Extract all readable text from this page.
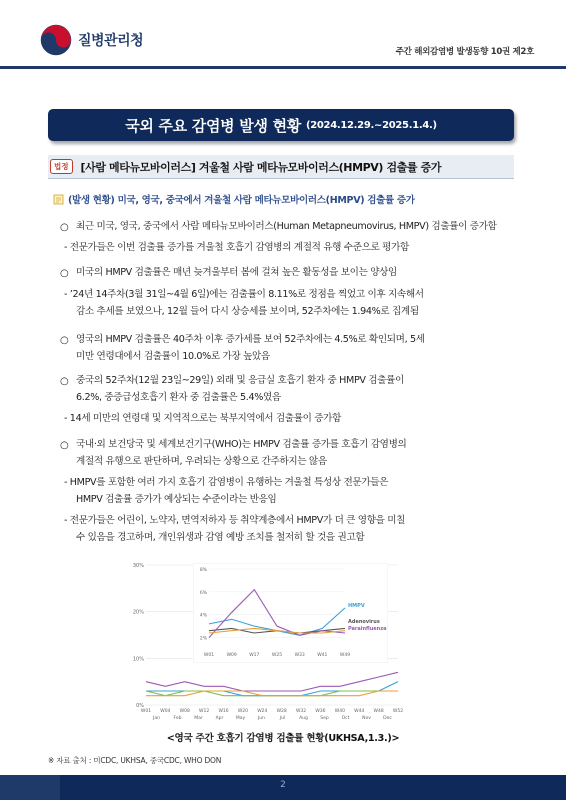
질병관리청
주간 해외감염병 발생동향 10권 제2호
국외 주요 감염병 발생 현황 (2024.12.29.~2025.1.4.)
법정	[사람 메타뉴모바이러스] 겨울철 사람 메타뉴모바이러스(HMPV) 검출률 증가
(발생 현황) 미국, 영국, 중국에서 겨울철 사람 메타뉴모바이러스(HMPV) 검출률 증가
○ 최근 미국, 영국, 중국에서 사람 메타뉴모바이러스(Human Metapneumovirus, HMPV) 검출률이 증가함
- 전문가들은 이번 검출률 증가를 겨울철 호흡기 감염병의 계절적 유행 수준으로 평가함
○ 미국의 HMPV 검출률은 매년 늦겨울부터 봄에 걸쳐 높은 활동성을 보이는 양상임
- ’24년 14주차(3월 31일~4월 6일)에는 검출률이 8.11%로 정점을 찍었고 이후 지속해서
감소 추세를 보였으나, 12월 들어 다시 상승세를 보이며, 52주차에는 1.94%로 집계됨
○ 영국의 HMPV 검출률은 40주차 이후 증가세를 보여 52주차에는 4.5%로 확인되며, 5세
미만 연령대에서 검출률이 10.0%로 가장 높았음
○ 중국의 52주차(12월 23일~29일) 외래 및 응급실 호흡기 환자 중 HMPV 검출률이
6.2%, 중증급성호흡기 환자 중 검출률은 5.4%였음
- 14세 미만의 연령대 및 지역적으로는 북부지역에서 검출률이 증가함
○ 국내·외 보건당국 및 세계보건기구(WHO)는 HMPV 검출률 증가를 호흡기 감염병의
계절적 유행으로 판단하며, 우려되는 상황으로 간주하지는 않음
- HMPV를 포함한 여러 가지 호흡기 감염병이 유행하는 겨울철 특성상 전문가들은
HMPV 검출률 증가가 예상되는 수준이라는 반응임
- 전문가들은 어린이, 노약자, 면역저하자 등 취약계층에서 HMPV가 더 큰 영향을 미칠
수 있음을 경고하며, 개인위생과 감염 예방 조치를 철저히 할 것을 권고함
30%
20%
10%
0%
W01 W04 W08 W12 W16 W20 W24 W28 W32 W36 W40 W44 W48 W52
Jan	Feb	Mar	Apr	May	Jun	Jul	Aug	Sep	Oct	Nov	Dec
8%
6%
4%
2%
W01	W09	W17	W25	W33	W41	W49
HMPV
Adenovirus
Parainfluenza
<영국 주간 호흡기 감염병 검출률 현황(UKHSA,1.3.)>
※ 자료 출처 : 미CDC, UKHSA, 중국CDC, WHO DON
2
